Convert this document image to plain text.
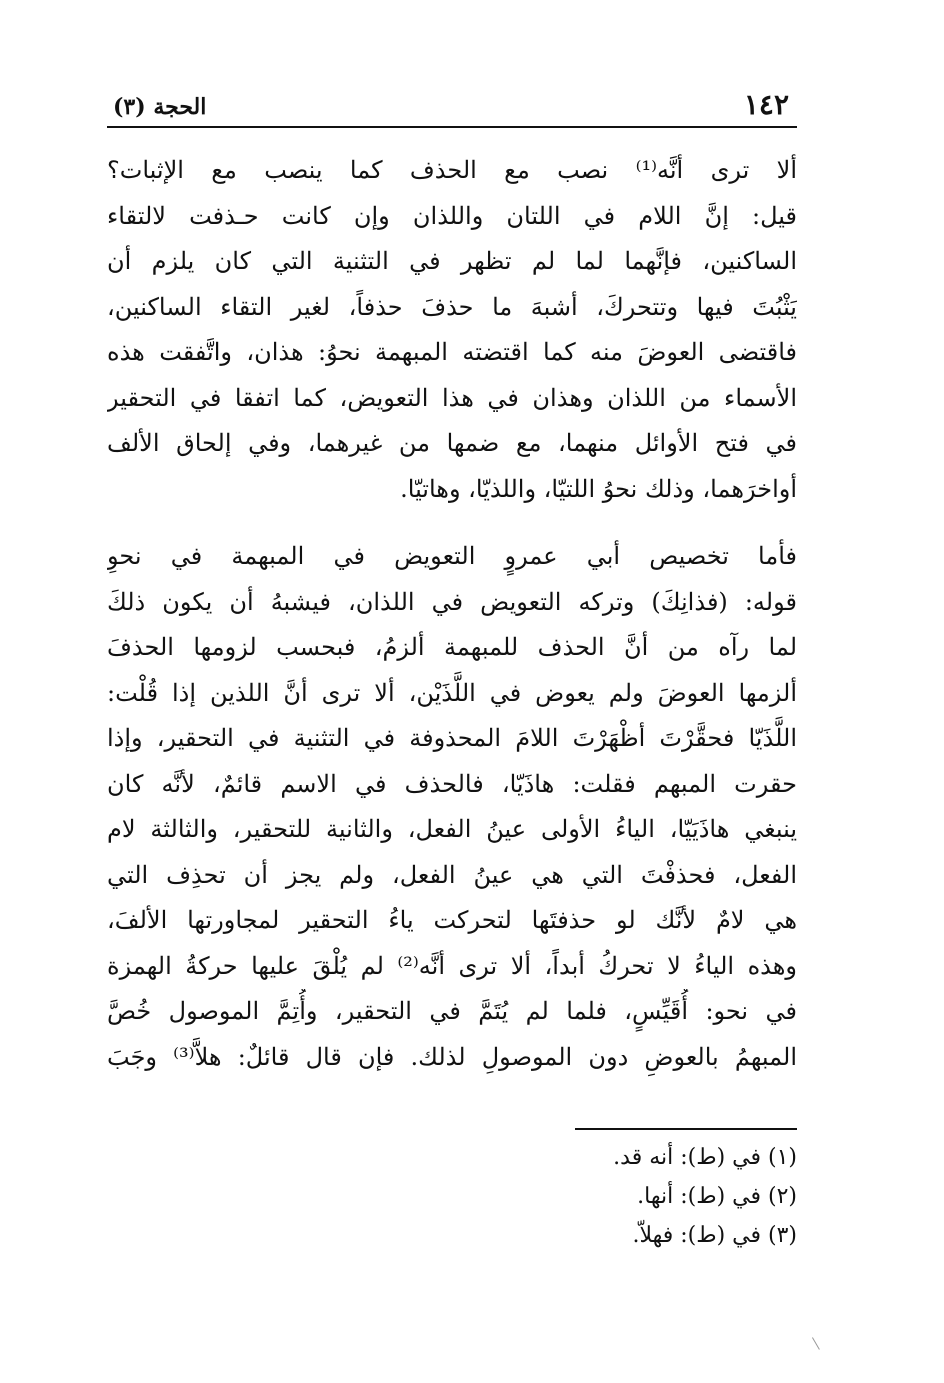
١٤٢
الحجة (٣)

ألا ترى أنَّه⁽¹⁾ نصب مع الحذف كما ينصب مع الإثبات؟
قيل: إنَّ اللام في اللتان واللذان وإن كانت حـذفت لالتقاء
الساكنين، فإنَّهما لما لم تظهر في التثنية التي كان يلزم أن
يَثْبُتَ فيها وتتحركَ، أشبهَ ما حذفَ حذفاً، لغير التقاء الساكنين،
فاقتضى العوضَ منه كما اقتضته المبهمة نحوُ: هذان، واتَّفقت هذه
الأسماء من اللذان وهذان في هذا التعويض، كما اتفقا في التحقير
في فتح الأوائل منهما، مع ضمها من غيرهما، وفي إلحاق الألف
أواخرَهما، وذلك نحوُ اللتيّا، واللذيّا، وهاتيّا.

فأما تخصيص أبي عمروٍ التعويض في المبهمة في نحوِ
قوله: (فذانِكَ) وتركه التعويض في اللذان، فيشبهُ أن يكون ذلكَ
لما رآه من أنَّ الحذف للمبهمة ألزمُ، فبحسب لزومها الحذفَ
ألزمها العوضَ ولم يعوض في اللَّذَيْن، ألا ترى أنَّ اللذين إذا قُلْت:
اللَّذَيّا فحقَّرْتَ أظْهَرْتَ اللامَ المحذوفة في التثنية في التحقير، وإذا
حقرت المبهم فقلت: هاذَيّا، فالحذف في الاسم قائمٌ، لأنَّه كان
ينبغي هاذَيَيّا، الياءُ الأولى عينُ الفعل، والثانية للتحقير، والثالثة لام
الفعل، فحذفْتَ التي هي عينُ الفعل، ولم يجز أن تحذِف التي
هي لامٌ لأنَّك لو حذفتَها لتحركت ياءُ التحقير لمجاورتها الألفَ،
وهذه الياءُ لا تحركُ أبداً، ألا ترى أنَّه⁽²⁾ لم يُلْقَ عليها حركةُ الهمزة
في نحو: أُقَيِّسٍ، فلما لم يُتَمَّ في التحقير، وأُتِمَّ الموصول خُصَّ
المبهمُ بالعوضِ دون الموصولِ لذلك. فإن قال قائلٌ: هلاَّ⁽³⁾ وجَبَ

(١) في (ط): أنه قد.
(٢) في (ط): أنها.
(٣) في (ط): فهلاّ.
